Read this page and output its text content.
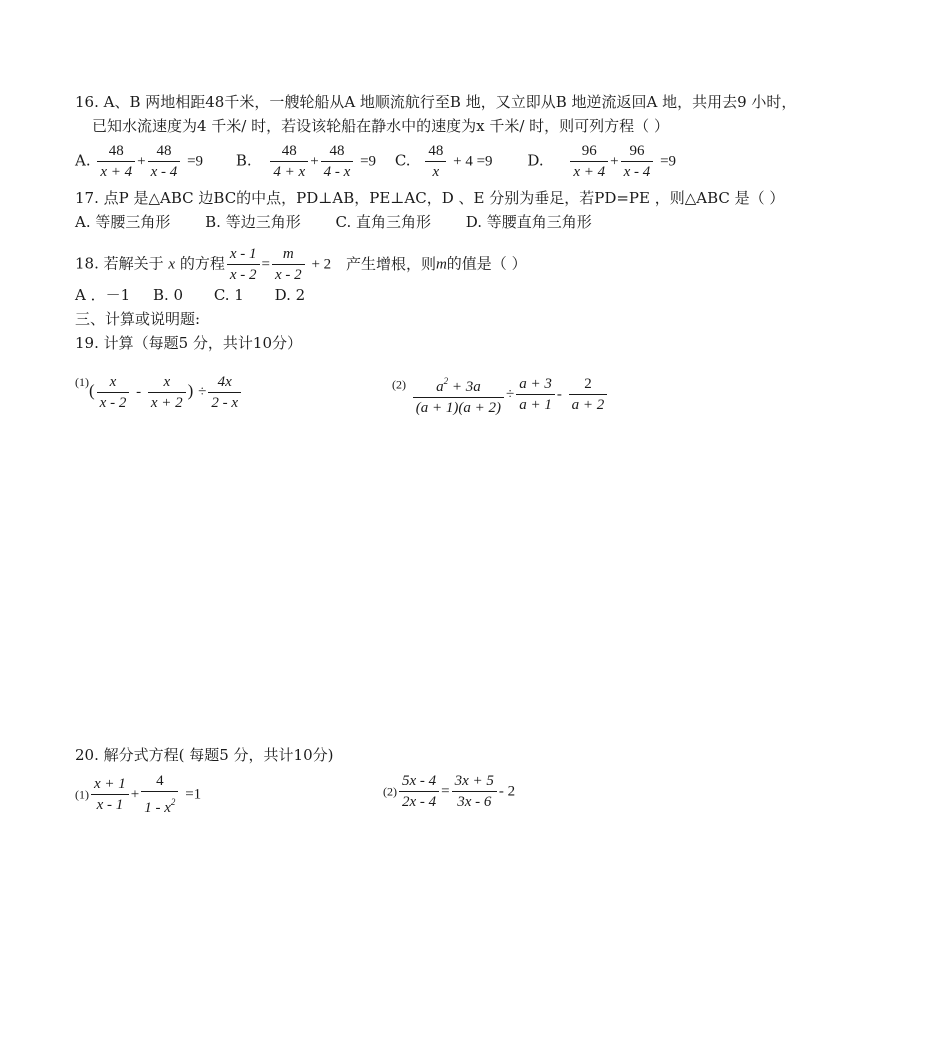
16. A、B 两地相距48千米，一艘轮船从A 地顺流航行至B 地，又立即从B 地逆流返回A 地，共用去9 小时，
已知水流速度为4 千米/ 时，若设该轮船在静水中的速度为x 千米/ 时，则可列方程（ ）
A. $\frac{48}{x + 4} + \frac{48}{x - 4} =9$ B. $\frac{48}{4 + x} + \frac{48}{4 - x} =9$ C. $\frac{48}{x} + 4 =9$ D. $\frac{96}{x + 4} + \frac{96}{x - 4} =9$
17. 点P 是△ABC 边BC的中点，PD⊥AB，PE⊥AC，D 、E 分别为垂足，若PD=PE ，则△ABC 是（ ）
A. 等腰三角形 B. 等边三角形 C. 直角三角形 D. 等腰直角三角形
18. 若解关于 x 的方程 $\frac{x - 1}{x - 2} = \frac{m}{x - 2} + 2$ 产生增根，则m的值是（ ）
A ．－1 B. 0 C. 1 D. 2
三、计算或说明题:
19. 计算（每题5 分，共计10分）
$^{(1)}( \frac{x}{x - 2} - \frac{x}{x + 2}$ ) ÷ $\frac{4x}{2 - x}$	$^{(2)} \frac{a^2 + 3a}{(a + 1)(a + 2)} \div \frac{a + 3}{a + 1} - \frac{2}{a + 2}$
20. 解分式方程( 每题5 分，共计10分)
$(1) \frac{x + 1}{x - 1} + \frac{4}{1 - x^2} =1$	$(2) \frac{5x - 4}{2x - 4} = \frac{3x + 5}{3x - 6} - 2$
